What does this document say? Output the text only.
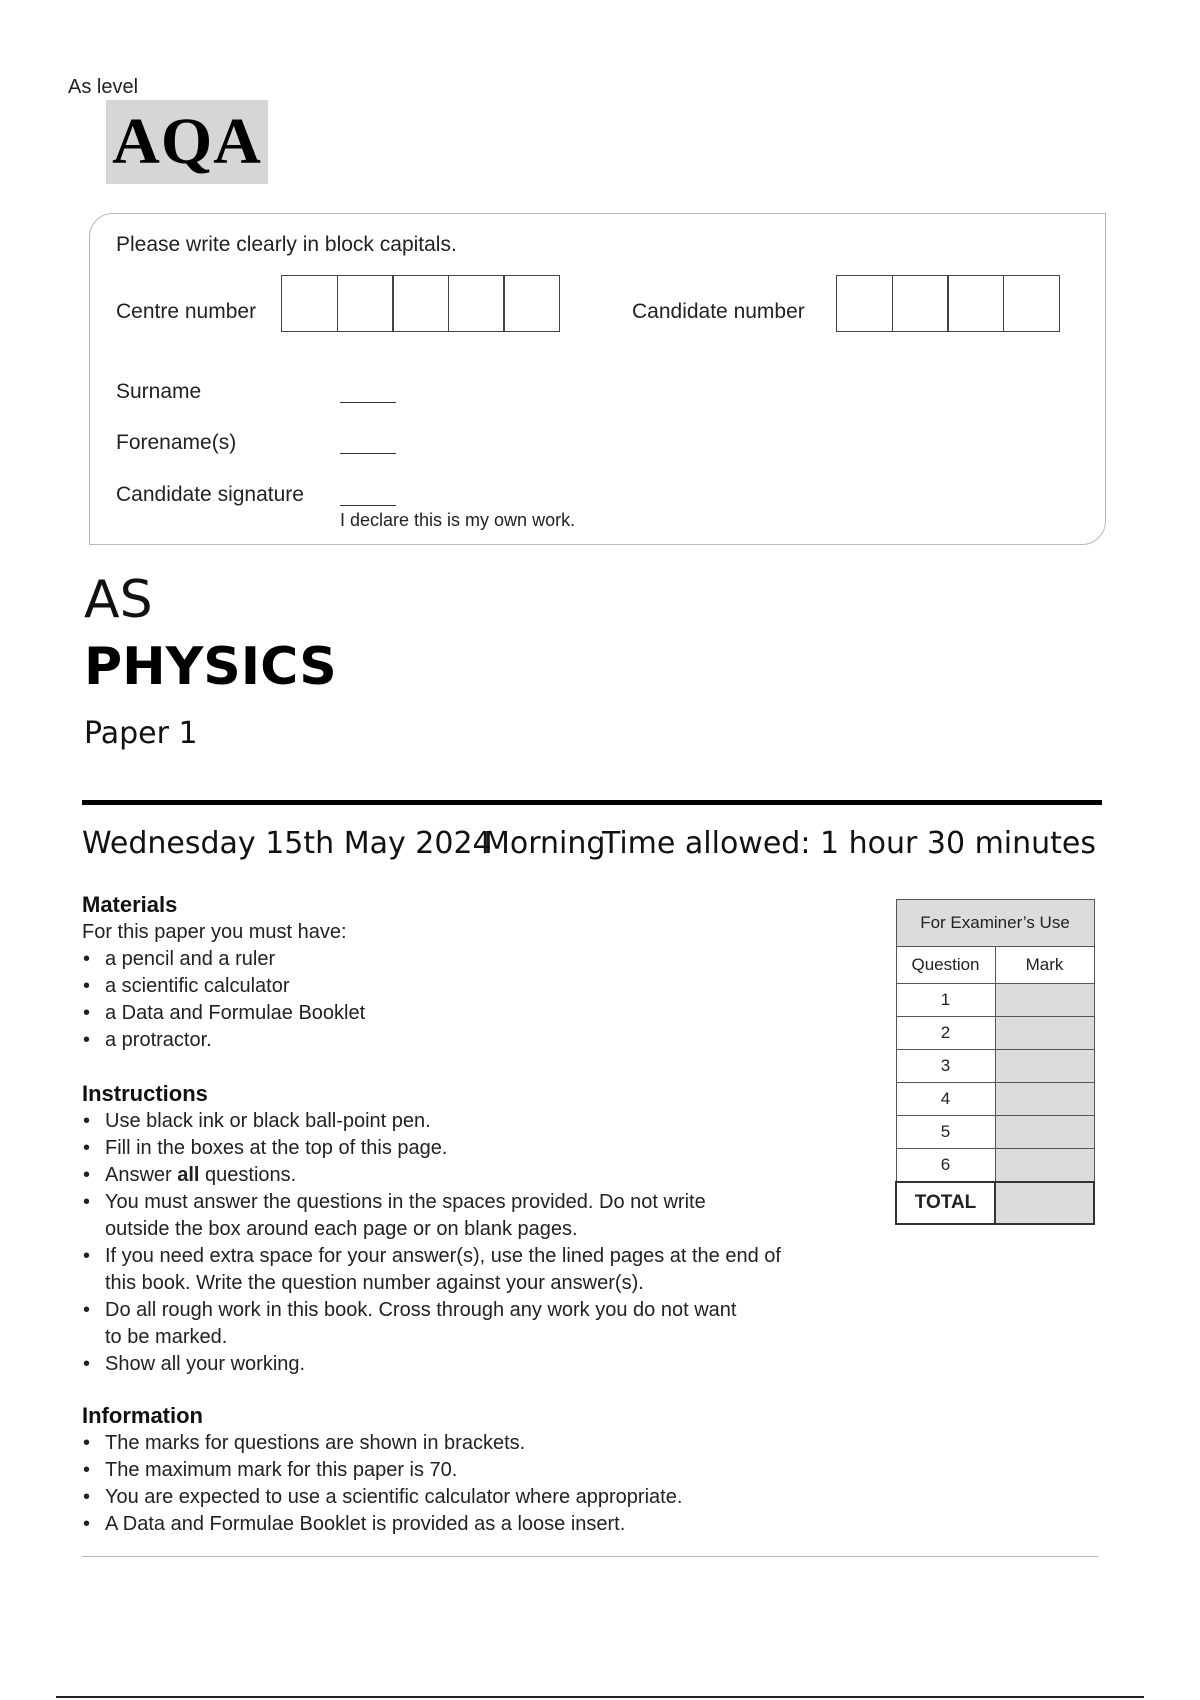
As level
AQA
Please write clearly in block capitals.
Centre number	Candidate number
Surname
Forename(s)
Candidate signature
I declare this is my own work.
AS
PHYSICS
Paper 1
Wednesday 15th May 2024
Morning
Time allowed: 1 hour 30 minutes
Materials
For this paper you must have:
• a pencil and a ruler
• a scientific calculator
• a Data and Formulae Booklet
• a protractor.
Instructions
• Use black ink or black ball-point pen.
• Fill in the boxes at the top of this page.
• Answer all questions.
• You must answer the questions in the spaces provided. Do not write
outside the box around each page or on blank pages.
• If you need extra space for your answer(s), use the lined pages at the end of
this book. Write the question number against your answer(s).
• Do all rough work in this book. Cross through any work you do not want
to be marked.
• Show all your working.
Information
• The marks for questions are shown in brackets.
• The maximum mark for this paper is 70.
• You are expected to use a scientific calculator where appropriate.
• A Data and Formulae Booklet is provided as a loose insert.
For Examiner’s Use	
Question	Mark
1	
2	
3	
4	
5	
6	
TOTAL	
